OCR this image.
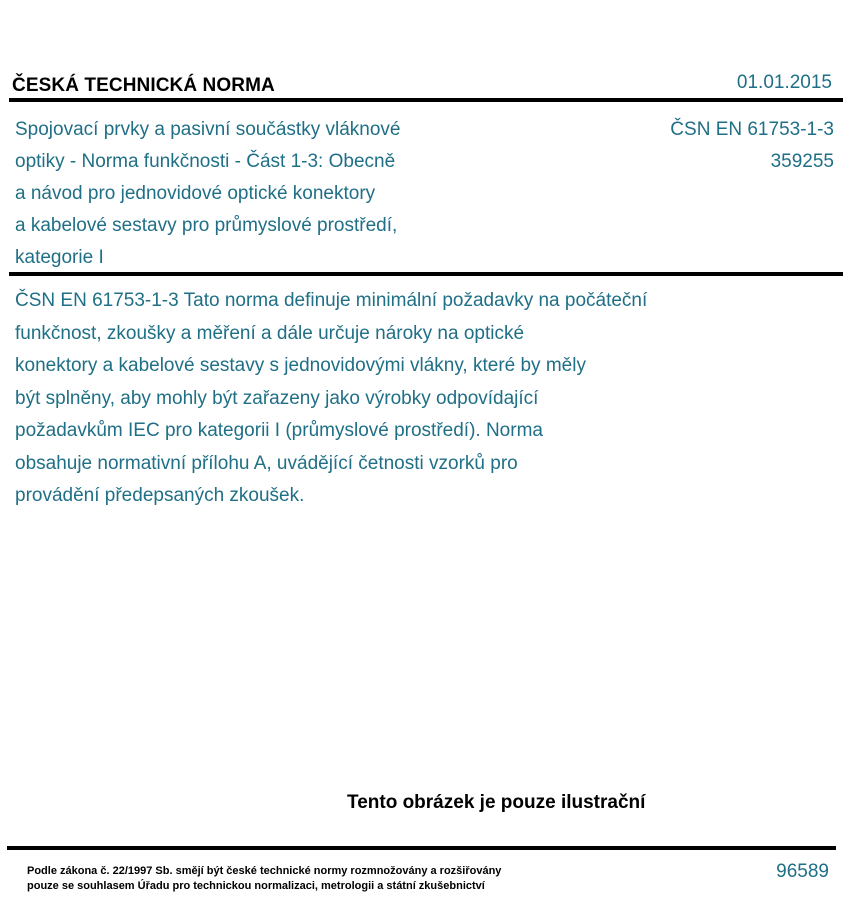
ČESKÁ TECHNICKÁ NORMA	01.01.2015
Spojovací prvky a pasivní součástky vláknové
optiky - Norma funkčnosti - Část 1-3: Obecně
a návod pro jednovidové optické konektory
a kabelové sestavy pro průmyslové prostředí,
kategorie I
ČSN EN 61753-1-3
359255
ČSN EN 61753-1-3 Tato norma definuje minimální požadavky na počáteční
funkčnost, zkoušky a měření a dále určuje nároky na optické
konektory a kabelové sestavy s jednovidovými vlákny, které by měly
být splněny, aby mohly být zařazeny jako výrobky odpovídající
požadavkům IEC pro kategorii I (průmyslové prostředí). Norma
obsahuje normativní přílohu A, uvádějící četnosti vzorků pro
provádění předepsaných zkoušek.
Tento obrázek je pouze ilustrační
Podle zákona č. 22/1997 Sb. smějí být české technické normy rozmnožovány a rozšiřovány
pouze se souhlasem Úřadu pro technickou normalizaci, metrologii a státní zkušebnictví
96589
